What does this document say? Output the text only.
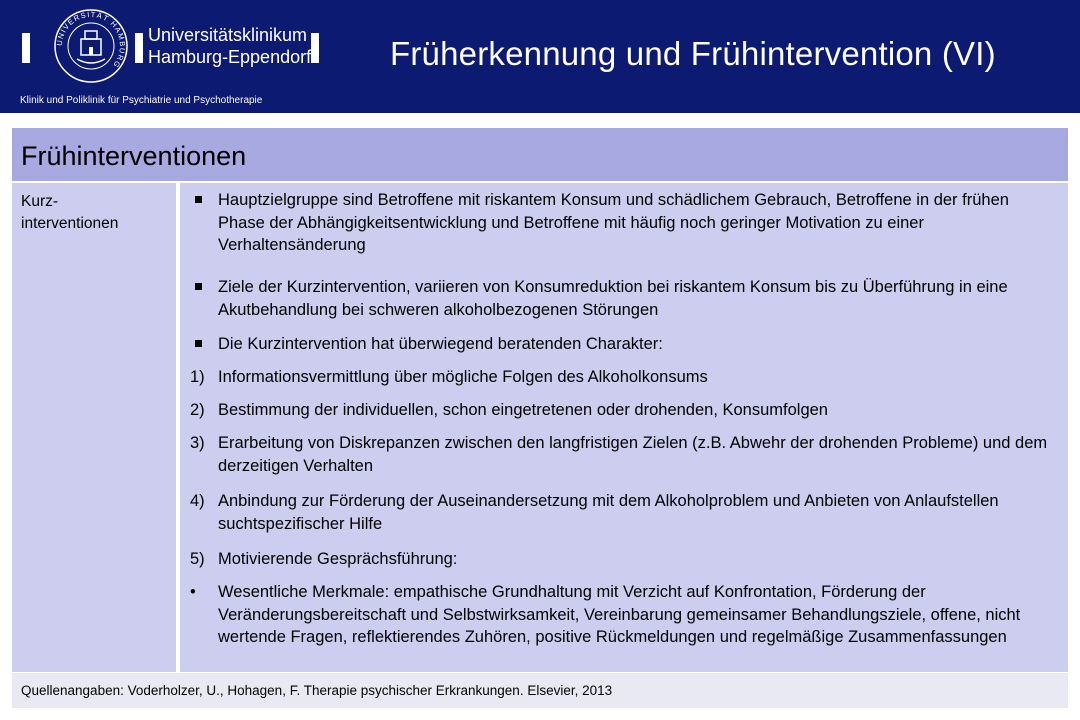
UNIVERSITÄT HAMBURG
Universitätsklinikum
Hamburg-Eppendorf
Klinik und Poliklinik für Psychiatrie und Psychotherapie
Früherkennung und Frühintervention (VI)
Frühinterventionen
Kurz-
interventionen
Hauptzielgruppe sind Betroffene mit riskantem Konsum und schädlichem Gebrauch, Betroffene in der frühen Phase der Abhängigkeitsentwicklung und Betroffene mit häufig noch geringer Motivation zu einer Verhaltensänderung
Ziele der Kurzintervention, variieren von Konsumreduktion bei riskantem Konsum bis zu Überführung in eine Akutbehandlung bei schweren alkoholbezogenen Störungen
Die Kurzintervention hat überwiegend beratenden Charakter:
1) Informationsvermittlung über mögliche Folgen des Alkoholkonsums
2) Bestimmung der individuellen, schon eingetretenen oder drohenden, Konsumfolgen
3) Erarbeitung von Diskrepanzen zwischen den langfristigen Zielen (z.B. Abwehr der drohenden Probleme) und dem derzeitigen Verhalten
4) Anbindung zur Förderung der Auseinandersetzung mit dem Alkoholproblem und Anbieten von Anlaufstellen suchtspezifischer Hilfe
5) Motivierende Gesprächsführung:
•	Wesentliche Merkmale: empathische Grundhaltung mit Verzicht auf Konfrontation, Förderung der Veränderungsbereitschaft und Selbstwirksamkeit, Vereinbarung gemeinsamer Behandlungsziele, offene, nicht wertende Fragen, reflektierendes Zuhören, positive Rückmeldungen und regelmäßige Zusammenfassungen
Quellenangaben: Voderholzer, U., Hohagen, F. Therapie psychischer Erkrankungen. Elsevier, 2013
